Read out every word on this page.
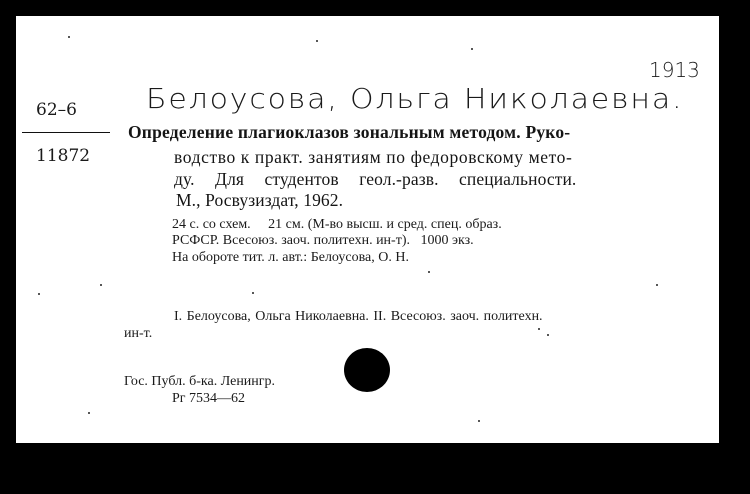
1913
Белоусова, Ольга Николаевна.
62–6
11872
Определение плагиоклазов зональным методом. Руко-
водство к практ. занятиям по федоровскому мето-
ду. Для студентов геол.-разв. специальности.
М., Росвузиздат, 1962.
24 с. со схем.     21 см. (М-во высш. и сред. спец. образ.
РСФСР. Всесоюз. заоч. политехн. ин-т).   1000 экз.
На обороте тит. л. авт.: Белоусова, О. Н.
I. Белоусова, Ольга Николаевна. II. Всесоюз. заоч. политехн.
ин-т.
Гос. Публ. б-ка. Ленингр.
Рг 7534—62
